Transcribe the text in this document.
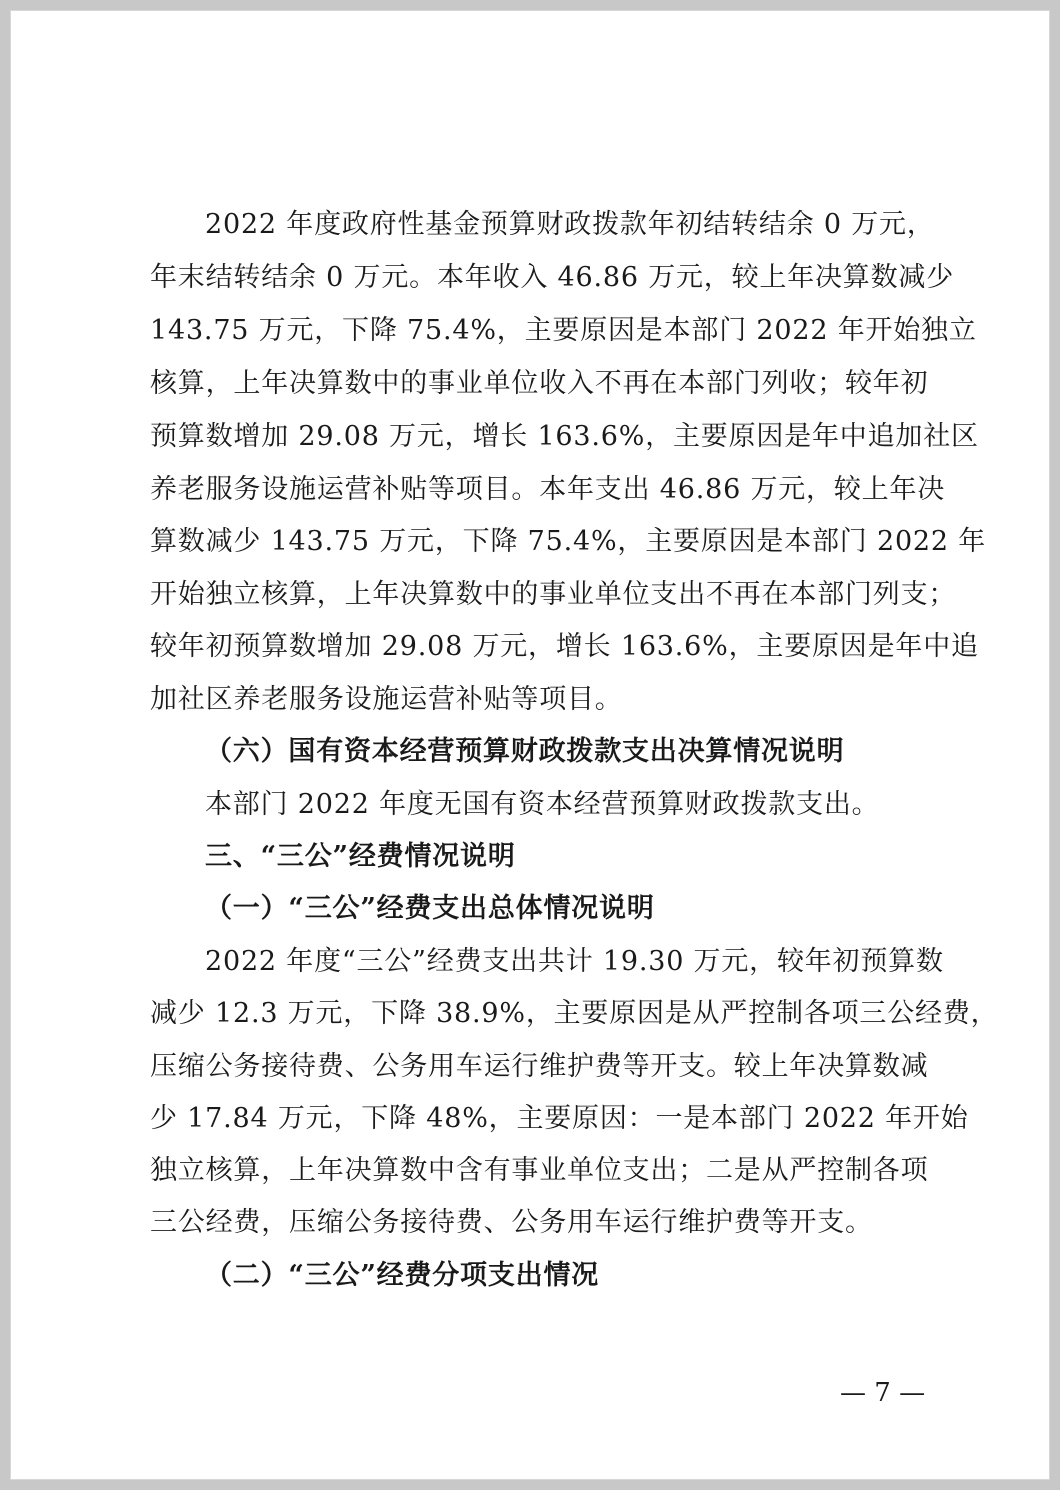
2022 年度政府性基金预算财政拨款年初结转结余 0 万元，
年末结转结余 0 万元。本年收入 46.86 万元，较上年决算数减少
143.75 万元，下降 75.4%，主要原因是本部门 2022 年开始独立
核算，上年决算数中的事业单位收入不再在本部门列收；较年初
预算数增加 29.08 万元，增长 163.6%，主要原因是年中追加社区
养老服务设施运营补贴等项目。本年支出 46.86 万元，较上年决
算数减少 143.75 万元，下降 75.4%，主要原因是本部门 2022 年
开始独立核算，上年决算数中的事业单位支出不再在本部门列支；
较年初预算数增加 29.08 万元，增长 163.6%，主要原因是年中追
加社区养老服务设施运营补贴等项目。
（六）国有资本经营预算财政拨款支出决算情况说明
本部门 2022 年度无国有资本经营预算财政拨款支出。
三、“三公”经费情况说明
（一）“三公”经费支出总体情况说明
2022 年度“三公”经费支出共计 19.30 万元，较年初预算数
减少 12.3 万元，下降 38.9%，主要原因是从严控制各项三公经费，
压缩公务接待费、公务用车运行维护费等开支。较上年决算数减
少 17.84 万元，下降 48%，主要原因：一是本部门 2022 年开始
独立核算，上年决算数中含有事业单位支出；二是从严控制各项
三公经费，压缩公务接待费、公务用车运行维护费等开支。
（二）“三公”经费分项支出情况
— 7 —
